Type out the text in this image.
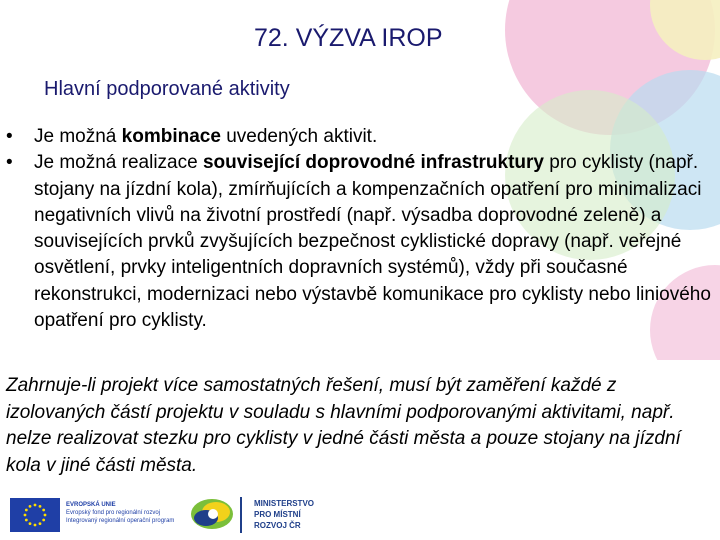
72. VÝZVA IROP
Hlavní podporované aktivity
•	Je možná kombinace uvedených aktivit.
•	Je možná realizace související doprovodné infrastruktury pro cyklisty (např. stojany na jízdní kola), zmírňujících a kompenzačních opatření pro minimalizaci negativních vlivů na životní prostředí (např. výsadba doprovodné zeleně) a souvisejících prvků zvyšujících bezpečnost cyklistické dopravy (např. veřejné osvětlení, prvky inteligentních dopravních systémů), vždy při současné rekonstrukci, modernizaci nebo výstavbě komunikace pro cyklisty nebo liniového opatření pro cyklisty.

Zahrnuje-li projekt více samostatných řešení, musí být zaměření každé z izolovaných částí projektu v souladu s hlavními podporovanými aktivitami, např. nelze realizovat stezku pro cyklisty v jedné části města a pouze stojany na jízdní kola v jiné části města.

EVROPSKÁ UNIE
Evropský fond pro regionální rozvoj
Integrovaný regionální operační program
MINISTERSTVO
PRO MÍSTNÍ
ROZVOJ ČR
